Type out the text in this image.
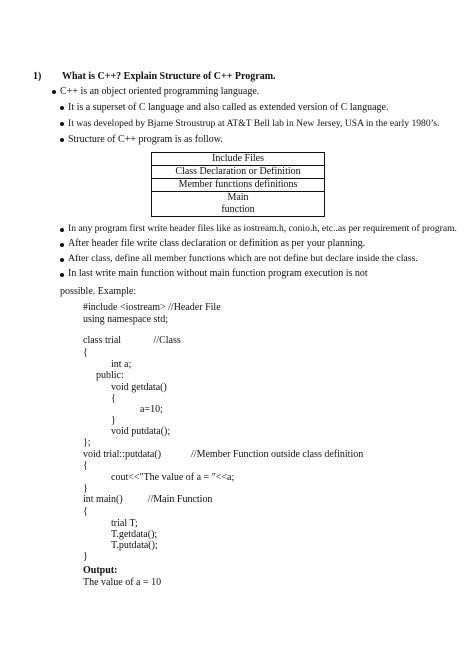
1) What is C++? Explain Structure of C++ Program.
C++ is an object oriented programming language.
It is a superset of C language and also called as extended version of C language.
It was developed by Bjarne Stroustrup at AT&T Bell lab in New Jersey, USA in the early 1980’s.
Structure of C++ program is as follow.
Include Files
Class Declaration or Definition
Member functions definitions

Main
function
In any program first write header files like as iostream.h, conio.h, etc..as per requirement of program.
After header file write class declaration or definition as per your planning.
After class, define all member functions which are not define but declare inside the class.
In last write main function without main function program execution is not
possible. Example:
#include <iostream> //Header File
using namespace std;
class trial             //Class
{
int a;
public:
void getdata()
{
a=10;
}
void putdata();
};
void trial::putdata()            //Member Function outside class definition
{
cout<<"The value of a = "<<a;
}
int main()          //Main Function
{
trial T;
T.getdata();
T.putdata();
}
Output:
The value of a = 10
